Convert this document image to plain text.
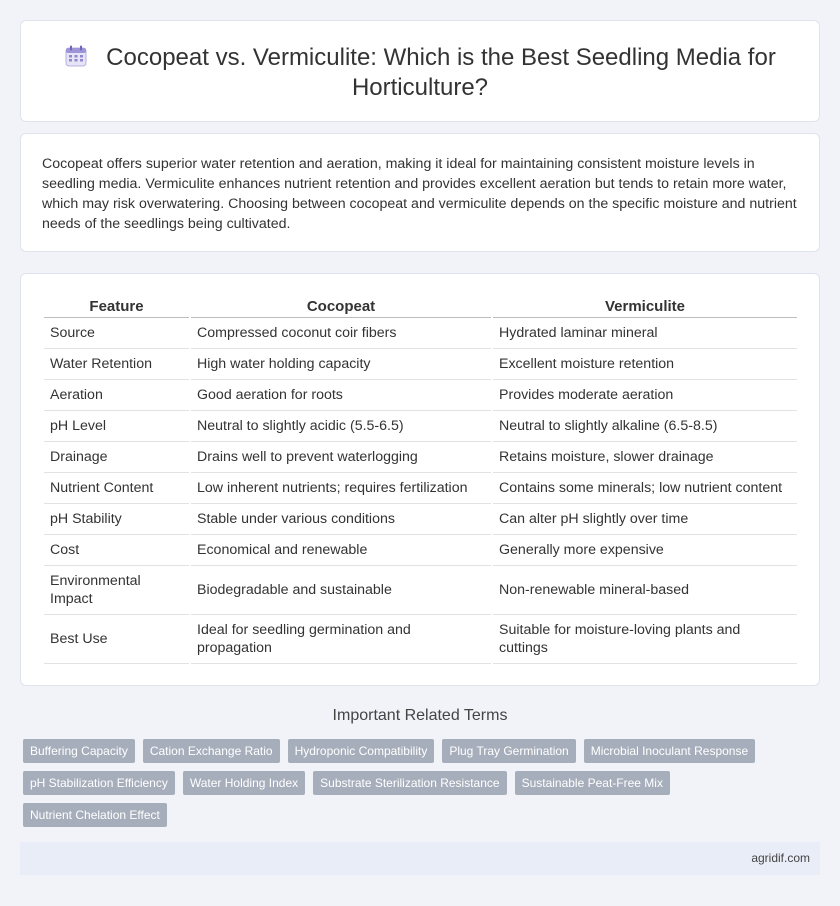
Cocopeat vs. Vermiculite: Which is the Best Seedling Media for Horticulture?

Cocopeat offers superior water retention and aeration, making it ideal for maintaining consistent moisture levels in seedling media. Vermiculite enhances nutrient retention and provides excellent aeration but tends to retain more water, which may risk overwatering. Choosing between cocopeat and vermiculite depends on the specific moisture and nutrient needs of the seedlings being cultivated.

Feature	Cocopeat	Vermiculite
Source	Compressed coconut coir fibers	Hydrated laminar mineral
Water Retention	High water holding capacity	Excellent moisture retention
Aeration	Good aeration for roots	Provides moderate aeration
pH Level	Neutral to slightly acidic (5.5-6.5)	Neutral to slightly alkaline (6.5-8.5)
Drainage	Drains well to prevent waterlogging	Retains moisture, slower drainage
Nutrient Content	Low inherent nutrients; requires fertilization	Contains some minerals; low nutrient content
pH Stability	Stable under various conditions	Can alter pH slightly over time
Cost	Economical and renewable	Generally more expensive
Environmental Impact	Biodegradable and sustainable	Non-renewable mineral-based
Best Use	Ideal for seedling germination and propagation	Suitable for moisture-loving plants and cuttings
Important Related Terms
Buffering Capacity	Cation Exchange Ratio	Hydroponic Compatibility	Plug Tray Germination	Microbial Inoculant Response
pH Stabilization Efficiency	Water Holding Index	Substrate Sterilization Resistance	Sustainable Peat-Free Mix
Nutrient Chelation Effect
agridif.com
